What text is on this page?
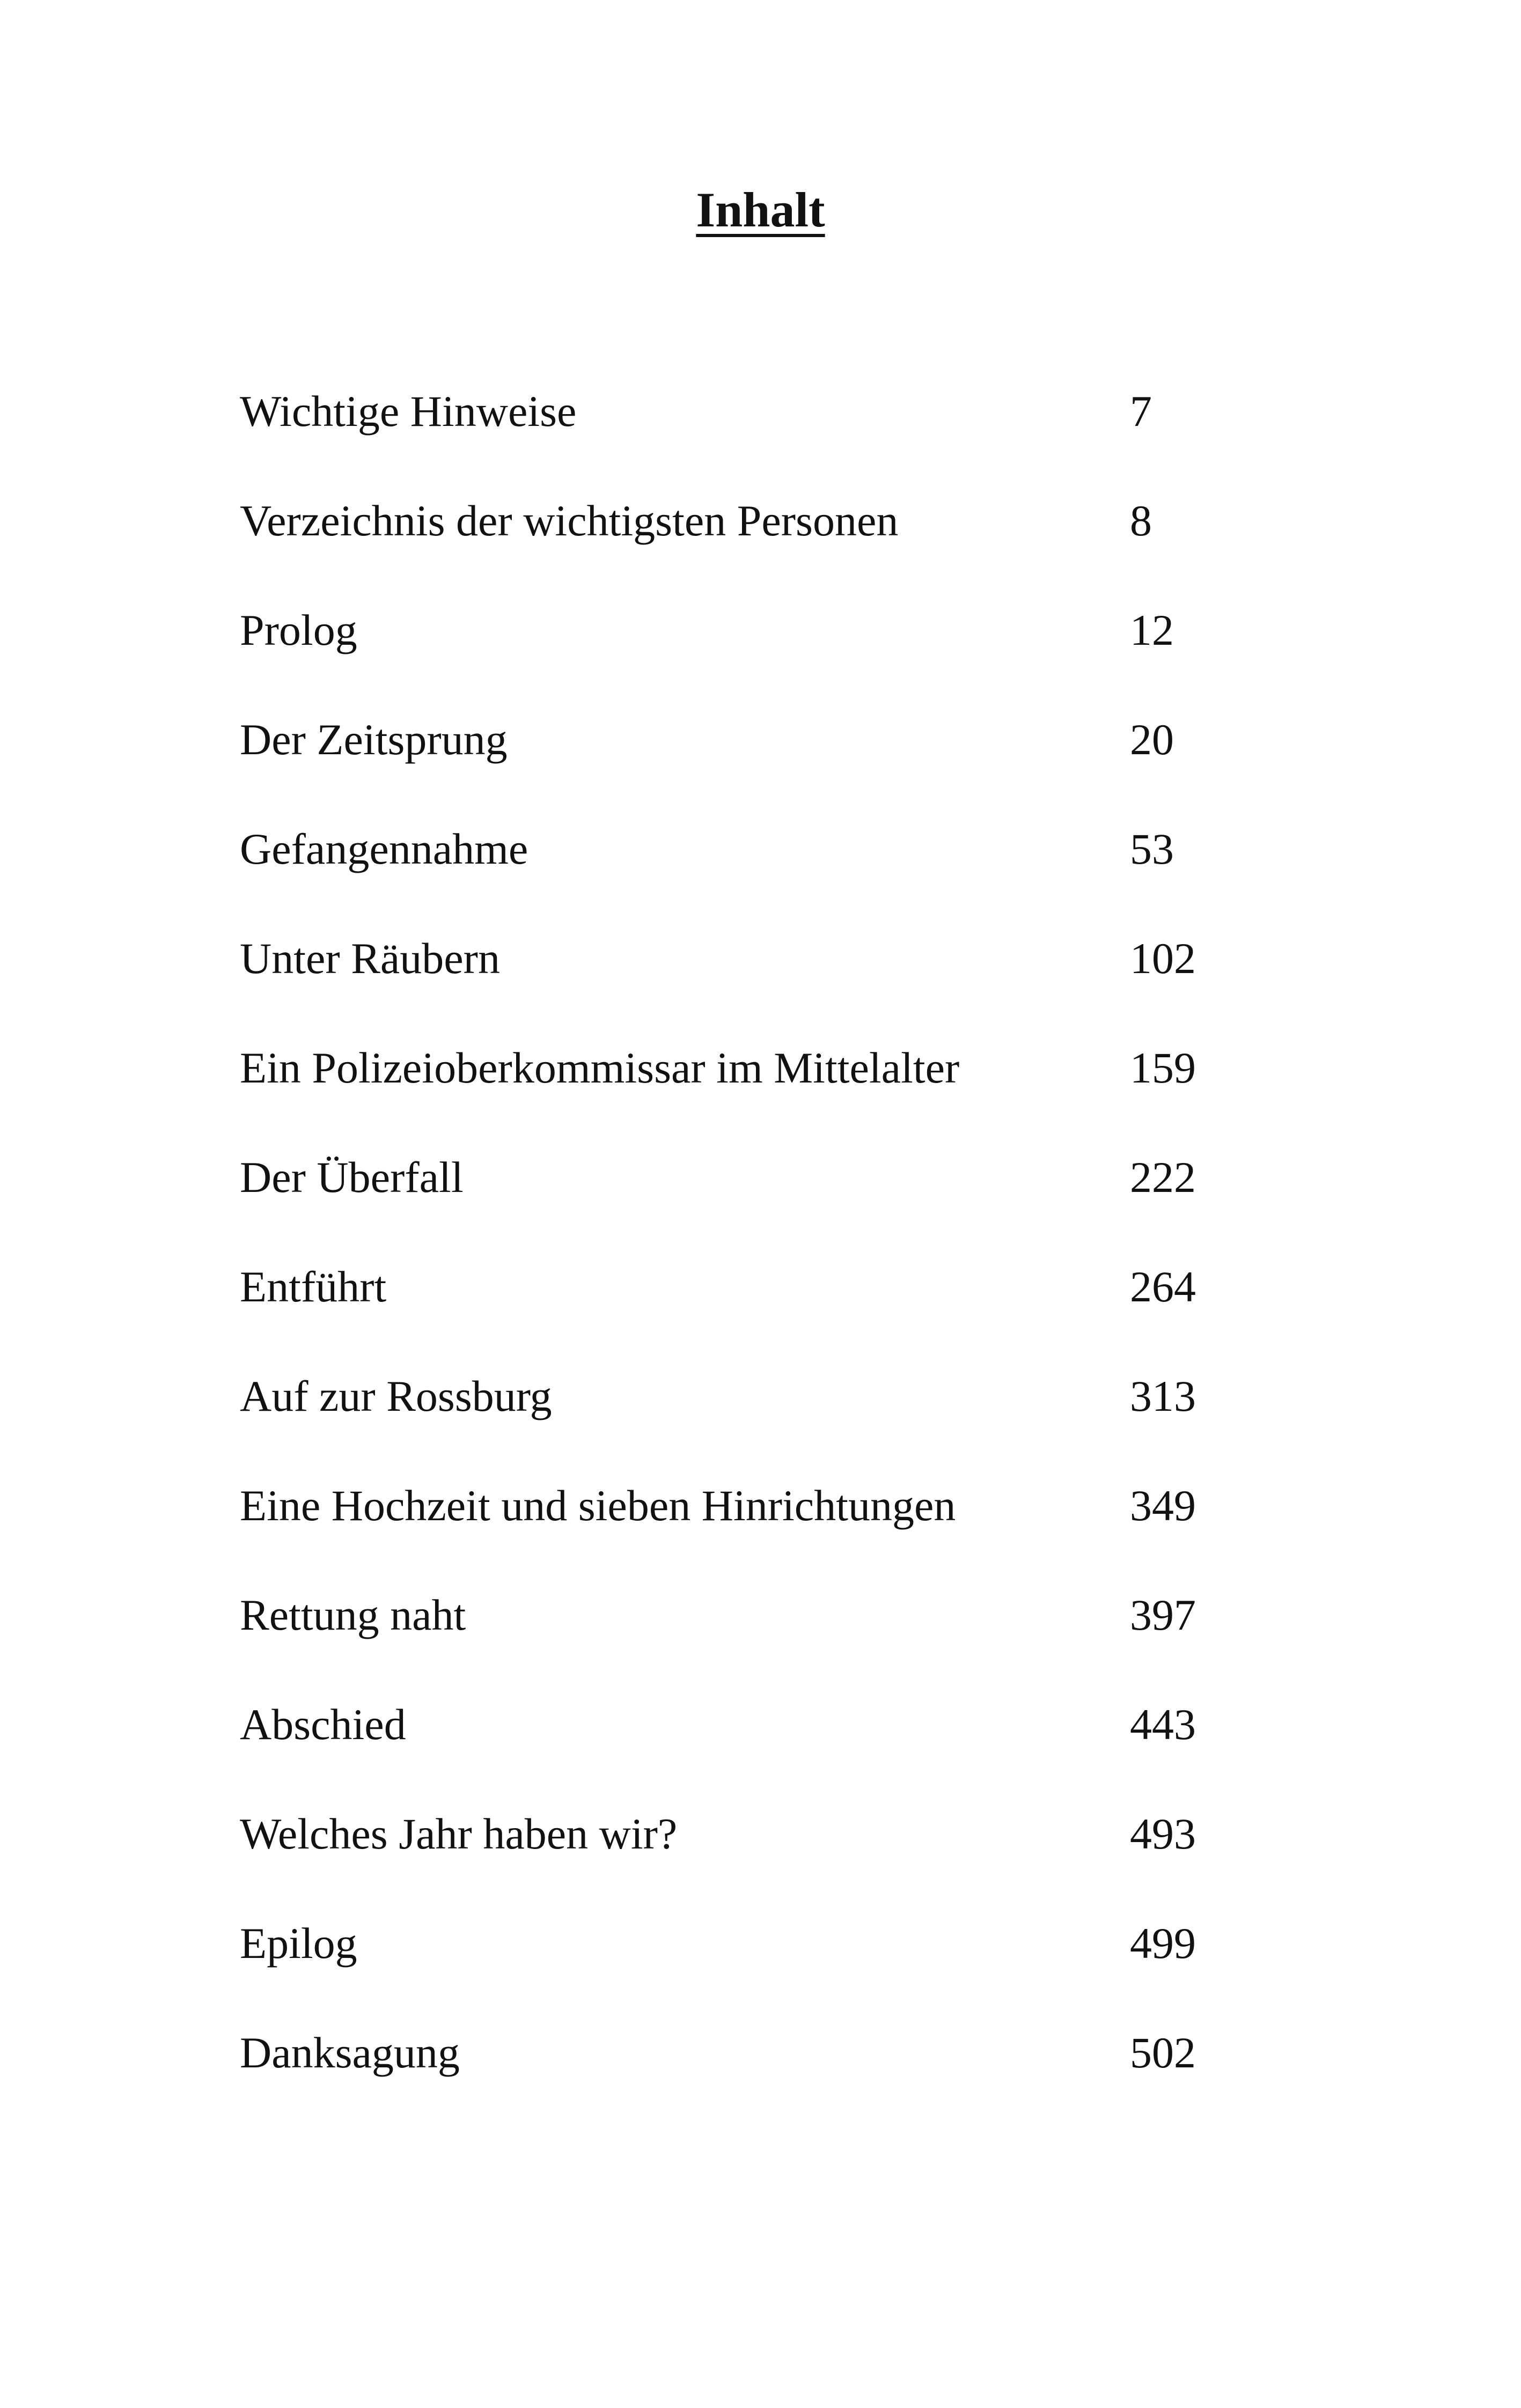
Inhalt
Wichtige Hinweise	7
Verzeichnis der wichtigsten Personen	8
Prolog	12
Der Zeitsprung	20
Gefangennahme	53
Unter Räubern	102
Ein Polizeioberkommissar im Mittelalter	159
Der Überfall	222
Entführt	264
Auf zur Rossburg	313
Eine Hochzeit und sieben Hinrichtungen	349
Rettung naht	397
Abschied	443
Welches Jahr haben wir?	493
Epilog	499
Danksagung	502
